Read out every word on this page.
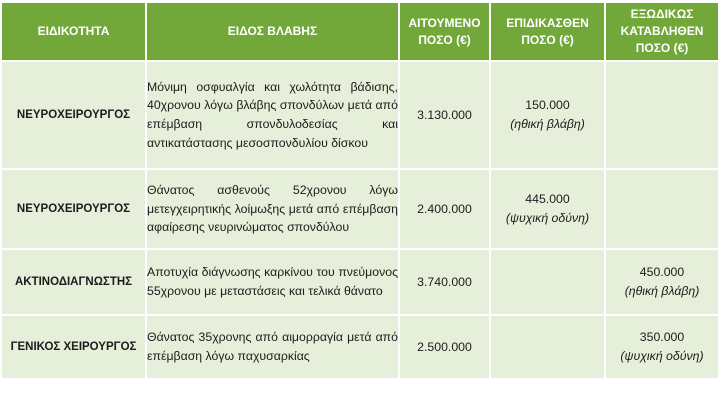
ΕΙΔΙΚΟΤΗΤΑ	ΕΙΔΟΣ ΒΛΑΒΗΣ	ΑΙΤΟΥΜΕΝΟ ΠΟΣΟ (€)	ΕΠΙΔΙΚΑΣΘΕΝ ΠΟΣΟ (€)	ΕΞΩΔΙΚΩΣ ΚΑΤΑΒΛΗΘΕΝ ΠΟΣΟ (€)
ΝΕΥΡΟΧΕΙΡΟΥΡΓΟΣ	Μόνιμη οσφυαλγία και χωλότητα βάδισης, 40χρονου λόγω βλάβης σπονδύλων μετά από επέμβαση σπονδυλοδεσίας και αντικατάστασης μεσοσπονδυλίου δίσκου	3.130.000	150.000
(ηθική βλάβη)	

ΝΕΥΡΟΧΕΙΡΟΥΡΓΟΣ	Θάνατος ασθενούς 52χρονου λόγω μετεγχειρητικής λοίμωξης μετά από επέμβαση αφαίρεσης νευρινώματος σπονδύλου	2.400.000	445.000
(ψυχική οδύνη)	

ΑΚΤΙΝΟΔΙΑΓΝΩΣΤΗΣ	Αποτυχία διάγνωσης καρκίνου του πνεύμονος 55χρονου με μεταστάσεις και τελικά θάνατο	3.740.000		450.000
(ηθική βλάβη)

ΓΕΝΙΚΟΣ ΧΕΙΡΟΥΡΓΟΣ	Θάνατος 35χρονης από αιμορραγία μετά από επέμβαση λόγω παχυσαρκίας	2.500.000		350.000
(ψυχική οδύνη)
